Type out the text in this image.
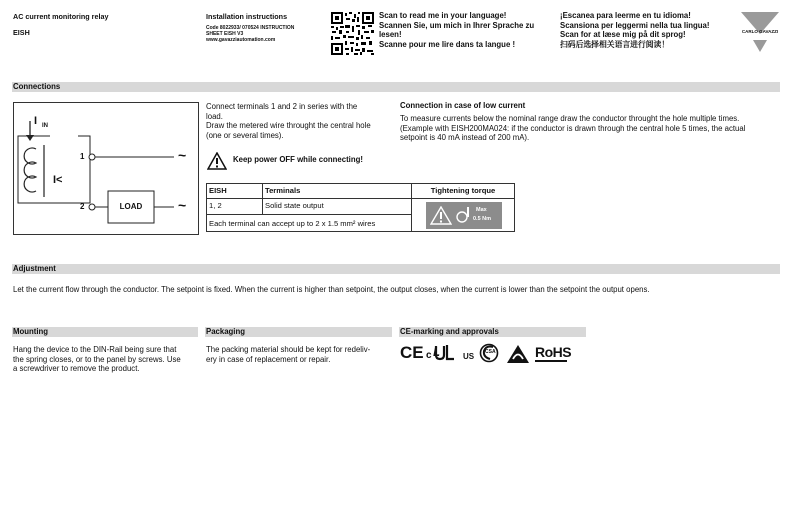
AC current monitoring relay
EISH
Installation instructions
Code 8022933/ 070524 INSTRUCTION
SHEET EISH V3
www.gavazziautomation.com
Scan to read me in your language!
Scannen Sie, um mich in Ihrer Sprache zu
lesen!
Scanne pour me lire dans ta langue !
¡Escanea para leerme en tu idioma!
Scansiona per leggermi nella tua lingua!
Scan for at læse mig på dit sprog!
扫码后选择相关语言进行阅读！
CARLO GAVAZZI
Connections
I IN
I<
1
2	LOAD
~
~
Connect terminals 1 and 2 in series with the
load.
Draw the metered wire throught the central hole
(one or several times).
Keep power OFF while connecting!
EISH	Terminals	Tightening torque
1, 2	Solid state output
Each terminal can accept up to 2 x 1.5 mm² wires
Max
0.5 Nm
Connection in case of low current
To measure currents below the nominal range draw the conductor throught the hole multiple times.
(Example with EISH200MA024: if the conductor is drawn through the central hole 5 times, the actual
setpoint is 40 mA instead of 200 mA).
Adjustment
Let the current flow through the conductor. The setpoint is fixed. When the current is higher than setpoint, the output closes, when the current is lower than the setpoint the output opens.
Mounting
Hang the device to the DIN-Rail being sure that
the spring closes, or to the panel by screws. Use
a screwdriver to remove the product.
Packaging
The packing material should be kept for redeliv-
ery in case of replacement or repair.
CE-marking and approvals
CE c ʟ	US CSA	RoHS
